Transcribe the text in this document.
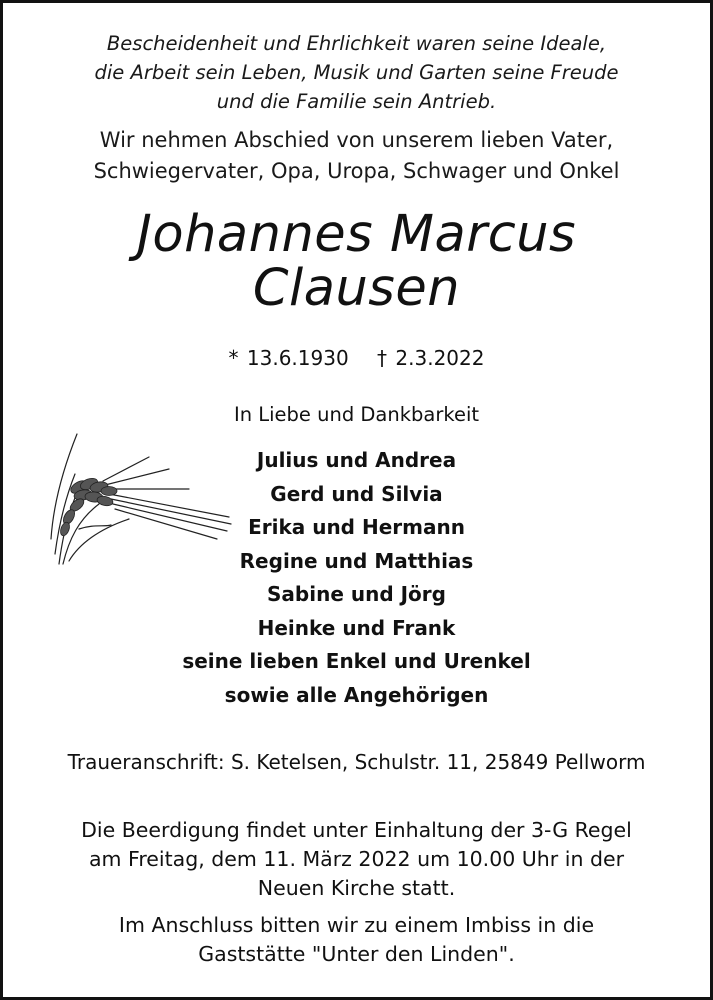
Bescheidenheit und Ehrlichkeit waren seine Ideale,
die Arbeit sein Leben, Musik und Garten seine Freude
und die Familie sein Antrieb.
Wir nehmen Abschied von unserem lieben Vater,
Schwiegervater, Opa, Uropa, Schwager und Onkel
Johannes Marcus
Clausen
* 13.6.1930 † 2.3.2022
In Liebe und Dankbarkeit
Julius und Andrea
Gerd und Silvia
Erika und Hermann
Regine und Matthias
Sabine und Jörg
Heinke und Frank
seine lieben Enkel und Urenkel
sowie alle Angehörigen
Traueranschrift: S. Ketelsen, Schulstr. 11, 25849 Pellworm
Die Beerdigung findet unter Einhaltung der 3-G Regel
am Freitag, dem 11. März 2022 um 10.00 Uhr in der
Neuen Kirche statt.
Im Anschluss bitten wir zu einem Imbiss in die
Gaststätte "Unter den Linden".
